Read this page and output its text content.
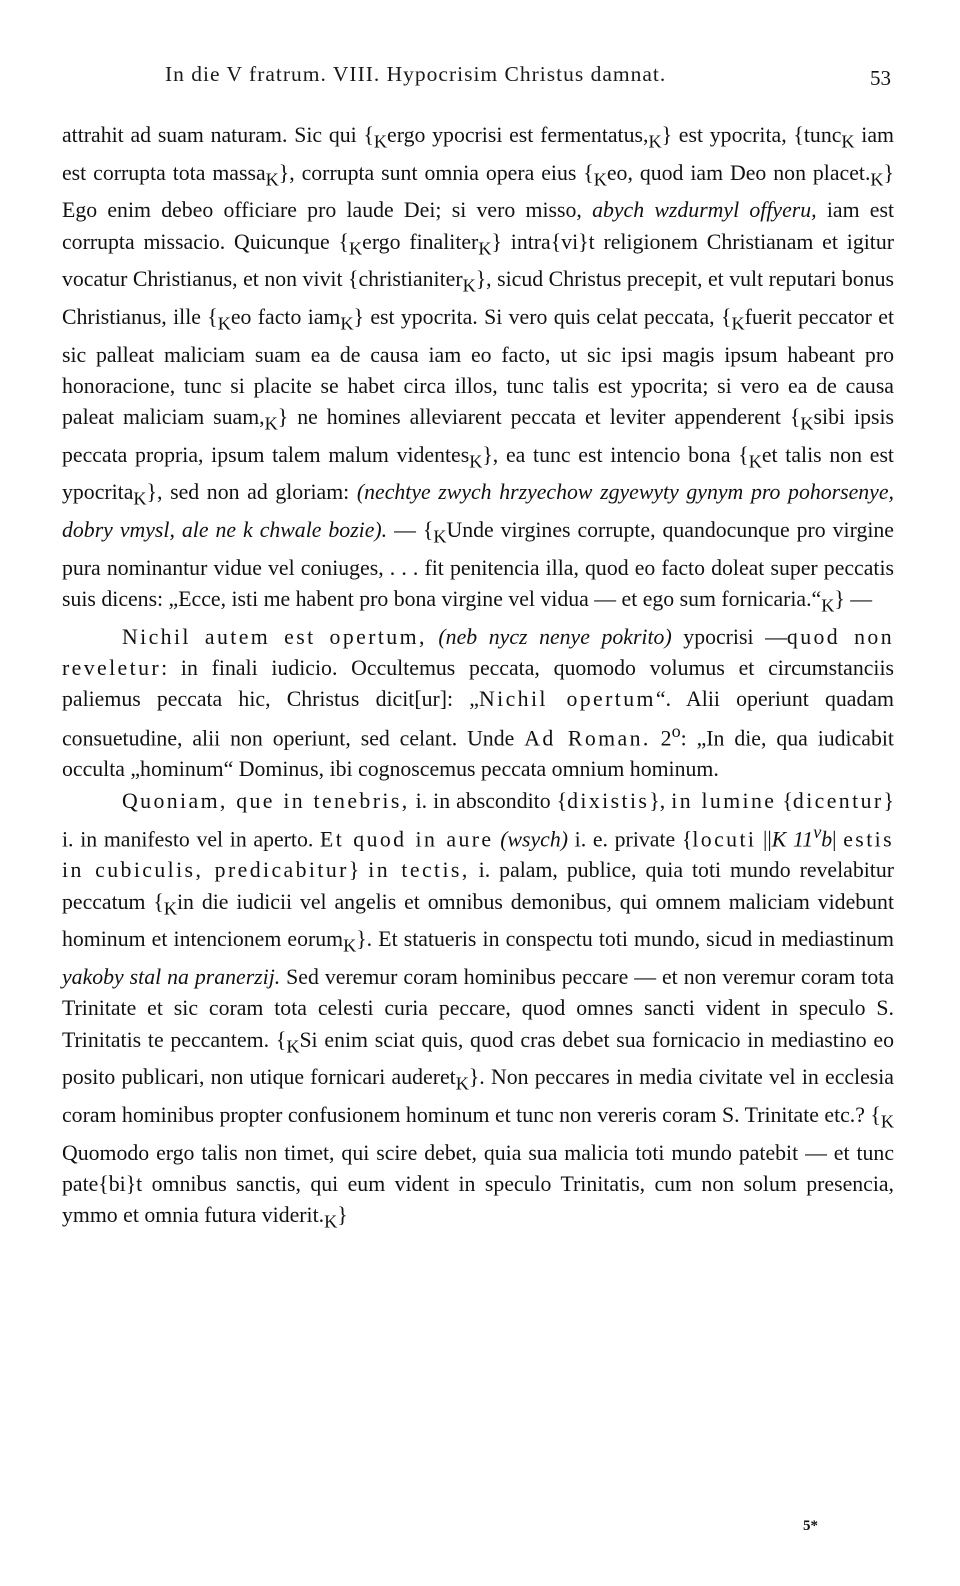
In die V fratrum. VIII. Hypocrisim Christus damnat.	53

attrahit ad suam naturam. Sic qui {$_Kergo$ ypocrisi est $fermentatus,_K$} est ypocrita, {tunc$_K$ iam est corrupta tota massa$_K$}, corrupta sunt omnia opera eius {$_Keo$, quod iam Deo non $placet._K$} Ego enim debeo officiare pro laude Dei; si vero misso, abych wzdurmyl offyeru, iam est corrupta missacio. Quicunque {$_Kergo$ finaliter$_K$} intra{vi}t religionem Christianam et igitur vocatur Christianus, et non vivit {christianiter$_K$}, sicud Christus precepit, et vult reputari bonus Christianus, ille {$_Keo$ facto iam$_K$} est ypocrita. Si vero quis celat peccata, {$_Kfuerit$ peccator et sic palleat maliciam suam ea de causa iam eo facto, ut sic ipsi magis ipsum habeant pro honoracione, tunc si placite se habet circa illos, tunc talis est ypocrita; si vero ea de causa paleat maliciam $suam,_K$} ne homines alleviarent peccata et leviter appenderent {$_Ksibi$ ipsis peccata propria, ipsum talem malum videntes$_K$}, ea tunc est intencio bona {$_Ket$ talis non est ypocrita$_K$}, sed non ad gloriam: (nechtye zwych hrzyechow zgyewyty gynym pro pohorsenye, dobry vmysl, ale ne k chwale bozie). — {$_KUnde$ virgines corrupte, quandocunque pro virgine pura nominantur vidue vel coniuges, . . . fit penitencia illa, quod eo facto doleat super peccatis suis dicens: „Ecce, isti me habent pro bona virgine vel vidua — et ego sum $fornicaria.“_K$} —

Nichil autem est opertum, (neb nycz nenye pokrito) ypocrisi —quod non reveletur: in finali iudicio. Occultemus peccata, quomodo volumus et circumstanciis paliemus peccata hic, Christus dicit[ur]: „Nichil opertum“. Alii operiunt quadam consuetudine, alii non operiunt, sed celant. Unde Ad Roman. 2$^o$: „In die, qua iudicabit occulta „hominum“ Dominus, ibi cognoscemus peccata omnium hominum.

Quoniam, que in tenebris, i. in abscondito {dixistis}, in lumine {dicentur} i. in manifesto vel in aperto. Et quod in aure (wsych) i. e. private {locuti ||K 11$^v$b| estis in cubiculis, predicabitur} in tectis, i. palam, publice, quia toti mundo revelabitur peccatum {$_Kin$ die iudicii vel angelis et omnibus demonibus, qui omnem maliciam videbunt hominum et intencionem eorum$_K$}. Et statueris in conspectu toti mundo, sicud in mediastinum yakoby stal na pranerzij. Sed veremur coram hominibus peccare — et non veremur coram tota Trinitate et sic coram tota celesti curia peccare, quod omnes sancti vident in speculo S. Trinitatis te peccantem. {$_KSi$ enim sciat quis, quod cras debet sua fornicacio in mediastino eo posito publicari, non utique fornicari auderet$_K$}. Non peccares in media civitate vel in ecclesia coram hominibus propter confusionem hominum et tunc non vereris coram S. Trinitate etc.? {$_K$ Quomodo ergo talis non timet, qui scire debet, quia sua malicia toti mundo patebit — et tunc pate{bi}t omnibus sanctis, qui eum vident in speculo Trinitatis, cum non solum presencia, ymmo et omnia futura $viderit._K$}

5*
